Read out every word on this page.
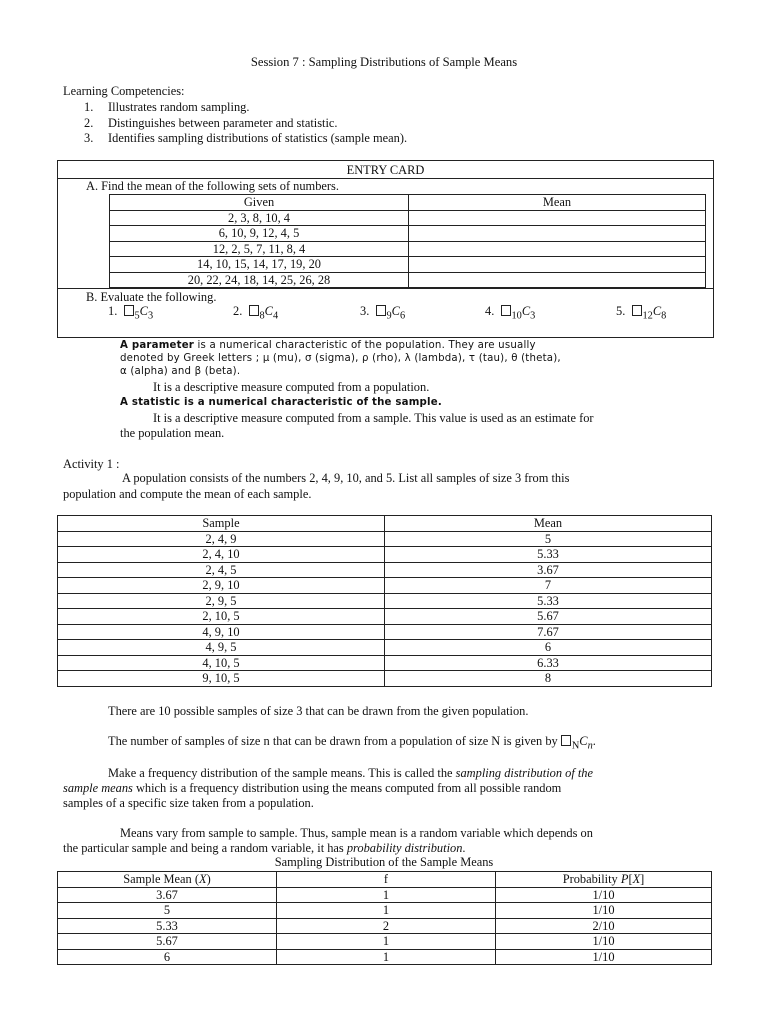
Session 7 : Sampling Distributions of Sample Means
Learning Competencies:
1. Illustrates random sampling.
2. Distinguishes between parameter and statistic.
3. Identifies sampling distributions of statistics (sample mean).
ENTRY CARD
A. Find the mean of the following sets of numbers.
Given	Mean
2, 3, 8, 10, 4	
6, 10, 9, 12, 4, 5	
12, 2, 5, 7, 11, 8, 4	
14, 10, 15, 14, 17, 19, 20	
20, 22, 24, 18, 14, 25, 26, 28	
B. Evaluate the following.
1. $_5C_3$	2. $_8C_4$	3. $_9C_6$	4. $_{10}C_3$	5. $_{12}C_8$
A parameter is a numerical characteristic of the population. They are usually
denoted by Greek letters ; μ (mu), σ (sigma), ρ (rho), λ (lambda), τ (tau), θ (theta),
α (alpha) and β (beta).
It is a descriptive measure computed from a population.
A statistic is a numerical characteristic of the sample.
It is a descriptive measure computed from a sample. This value is used as an estimate for
the population mean.
Activity 1 :
A population consists of the numbers 2, 4, 9, 10, and 5. List all samples of size 3 from this
population and compute the mean of each sample.
Sample	Mean
2, 4, 9	5
2, 4, 10	5.33
2, 4, 5	3.67
2, 9, 10	7
2, 9, 5	5.33
2, 10, 5	5.67
4, 9, 10	7.67
4, 9, 5	6
4, 10, 5	6.33
9, 10, 5	8
There are 10 possible samples of size 3 that can be drawn from the given population.
The number of samples of size n that can be drawn from a population of size N is given by $_NC_n$.
Make a frequency distribution of the sample means. This is called the sampling distribution of the
sample means which is a frequency distribution using the means computed from all possible random
samples of a specific size taken from a population.
Means vary from sample to sample. Thus, sample mean is a random variable which depends on
the particular sample and being a random variable, it has probability distribution.
Sampling Distribution of the Sample Means
Sample Mean $(\overline{X})$	f	Probability $P[\overline{X}]$
3.67	1	1/10
5	1	1/10
5.33	2	2/10
5.67	1	1/10
6	1	1/10
